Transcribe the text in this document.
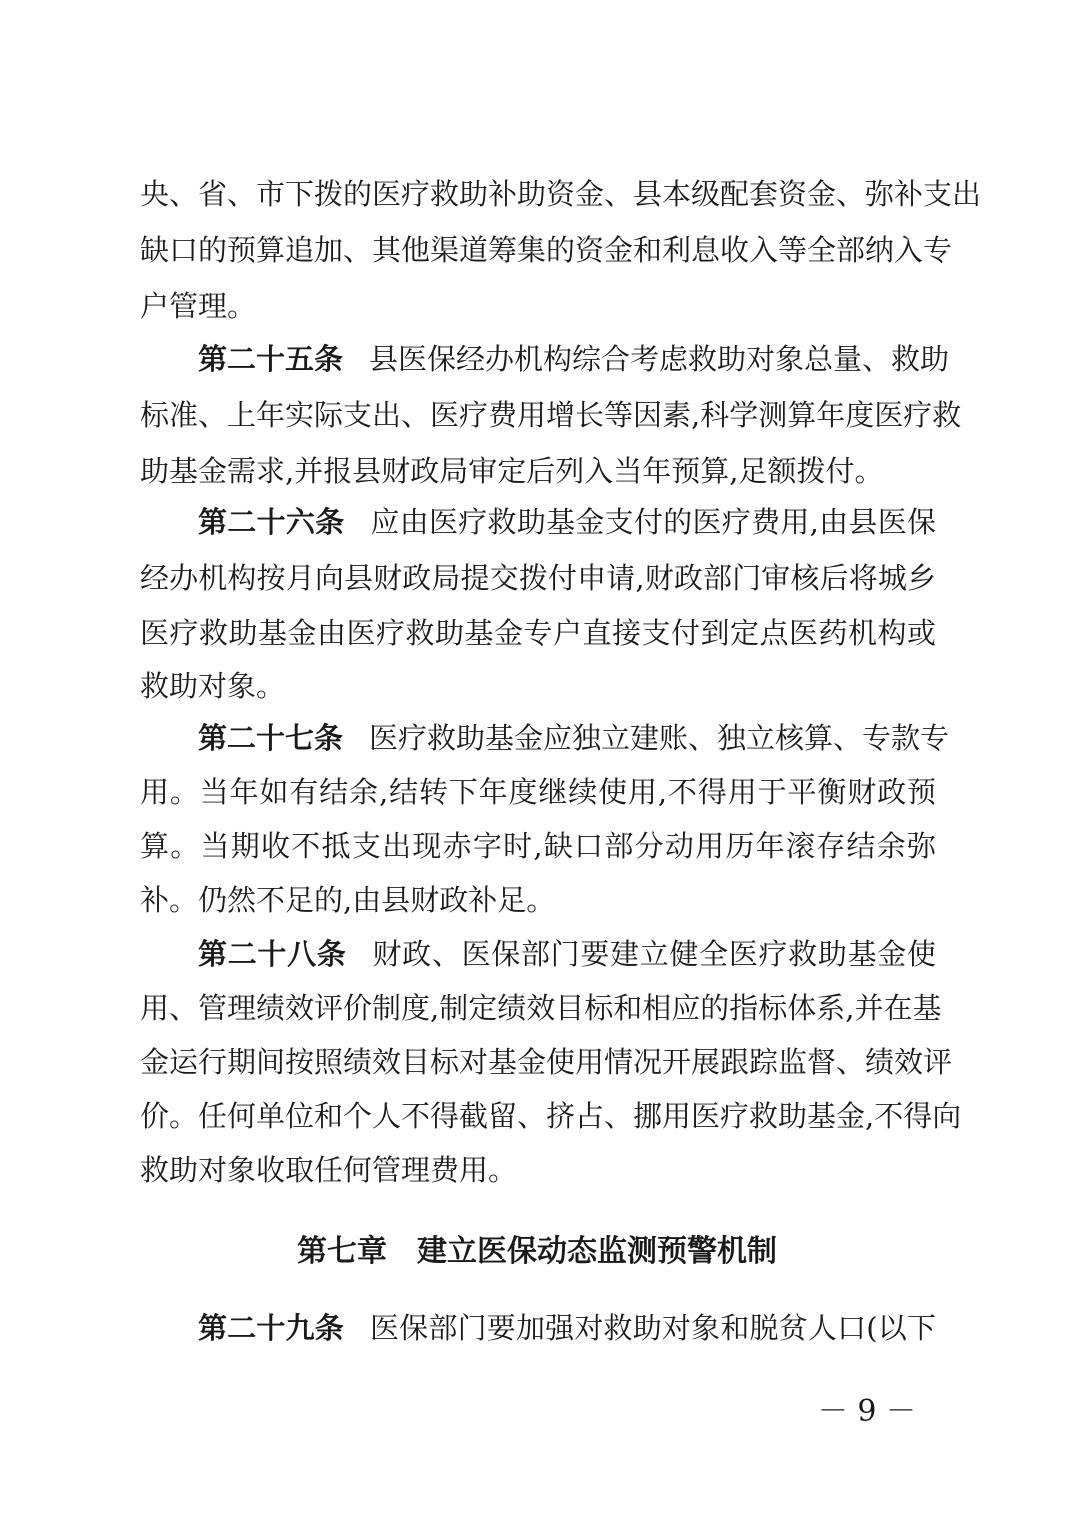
央、省、市下拨的医疗救助补助资金、县本级配套资金、弥补支出
缺口的预算追加、其他渠道筹集的资金和利息收入等全部纳入专
户管理。
第二十五条 县医保经办机构综合考虑救助对象总量、救助
标准、上年实际支出、医疗费用增长等因素,科学测算年度医疗救
助基金需求,并报县财政局审定后列入当年预算,足额拨付。
第二十六条 应由医疗救助基金支付的医疗费用,由县医保
经办机构按月向县财政局提交拨付申请,财政部门审核后将城乡
医疗救助基金由医疗救助基金专户直接支付到定点医药机构或
救助对象。
第二十七条 医疗救助基金应独立建账、独立核算、专款专
用。当年如有结余,结转下年度继续使用,不得用于平衡财政预
算。当期收不抵支出现赤字时,缺口部分动用历年滚存结余弥
补。仍然不足的,由县财政补足。
第二十八条 财政、医保部门要建立健全医疗救助基金使
用、管理绩效评价制度,制定绩效目标和相应的指标体系,并在基
金运行期间按照绩效目标对基金使用情况开展跟踪监督、绩效评
价。任何单位和个人不得截留、挤占、挪用医疗救助基金,不得向
救助对象收取任何管理费用。
第七章　建立医保动态监测预警机制
第二十九条 医保部门要加强对救助对象和脱贫人口(以下
－ 9 －
